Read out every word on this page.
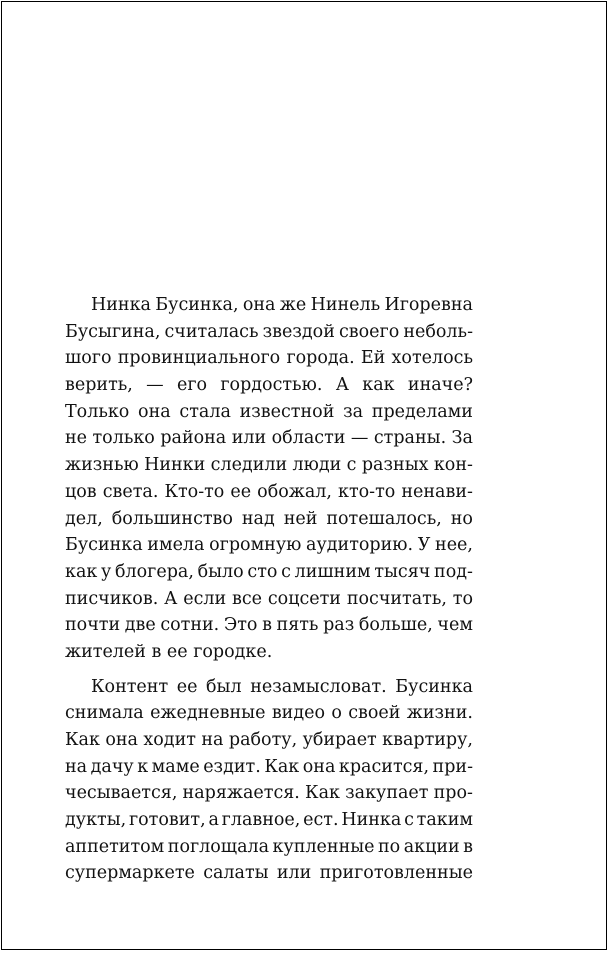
Нинка Бусинка, она же Нинель Игоревна
Бусыгина, считалась звездой своего неболь-
шого провинциального города. Ей хотелось
верить, — его гордостью. А как иначе?
Только она стала известной за пределами
не только района или области — страны. За
жизнью Нинки следили люди с разных кон-
цов света. Кто-то ее обожал, кто-то ненави-
дел, большинство над ней потешалось, но
Бусинка имела огромную аудиторию. У нее,
как у блогера, было сто с лишним тысяч под-
писчиков. А если все соцсети посчитать, то
почти две сотни. Это в пять раз больше, чем
жителей в ее городке.
Контент ее был незамысловат. Бусинка
снимала ежедневные видео о своей жизни.
Как она ходит на работу, убирает квартиру,
на дачу к маме ездит. Как она красится, при-
чесывается, наряжается. Как закупает про-
дукты, готовит, а главное, ест. Нинка с таким
аппетитом поглощала купленные по акции в
супермаркете салаты или приготовленные
